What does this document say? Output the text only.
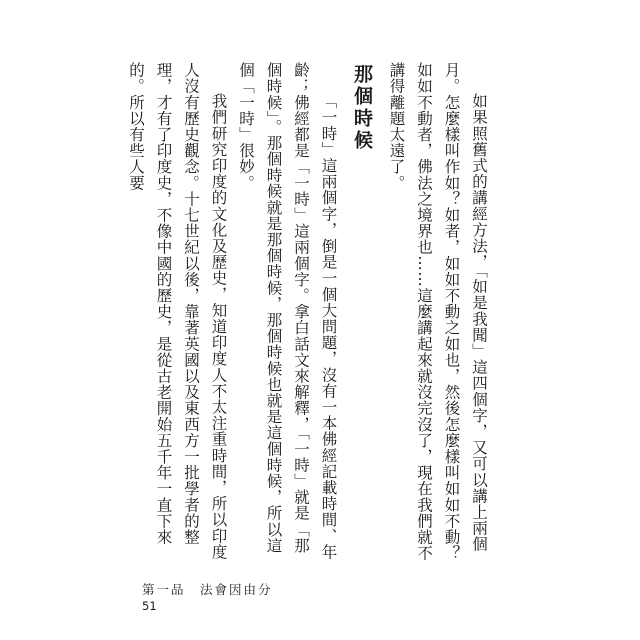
如果照舊式的講經方法，「如是我聞」這四個字，又可以講上兩個月。怎麼樣叫作如？如者，如如不動之如也，然後怎麼樣叫如如不動？如如不動者，佛法之境界也……這麼講起來就沒完沒了，現在我們就不講得離題太遠了。

那個時候

「一時」這兩個字，倒是一個大問題，沒有一本佛經記載時間、年齡；佛經都是「一時」這兩個字。拿白話文來解釋，「一時」就是「那個時候」。那個時候就是那個時候，那個時候也就是這個時候，所以這個「一時」很妙。

我們研究印度的文化及歷史，知道印度人不太注重時間，所以印度人沒有歷史觀念。十七世紀以後，靠著英國以及東西方一批學者的整理，才有了印度史，不像中國的歷史，是從古老開始五千年一直下來的。所以有些人要

第一品　法會因由分
51
